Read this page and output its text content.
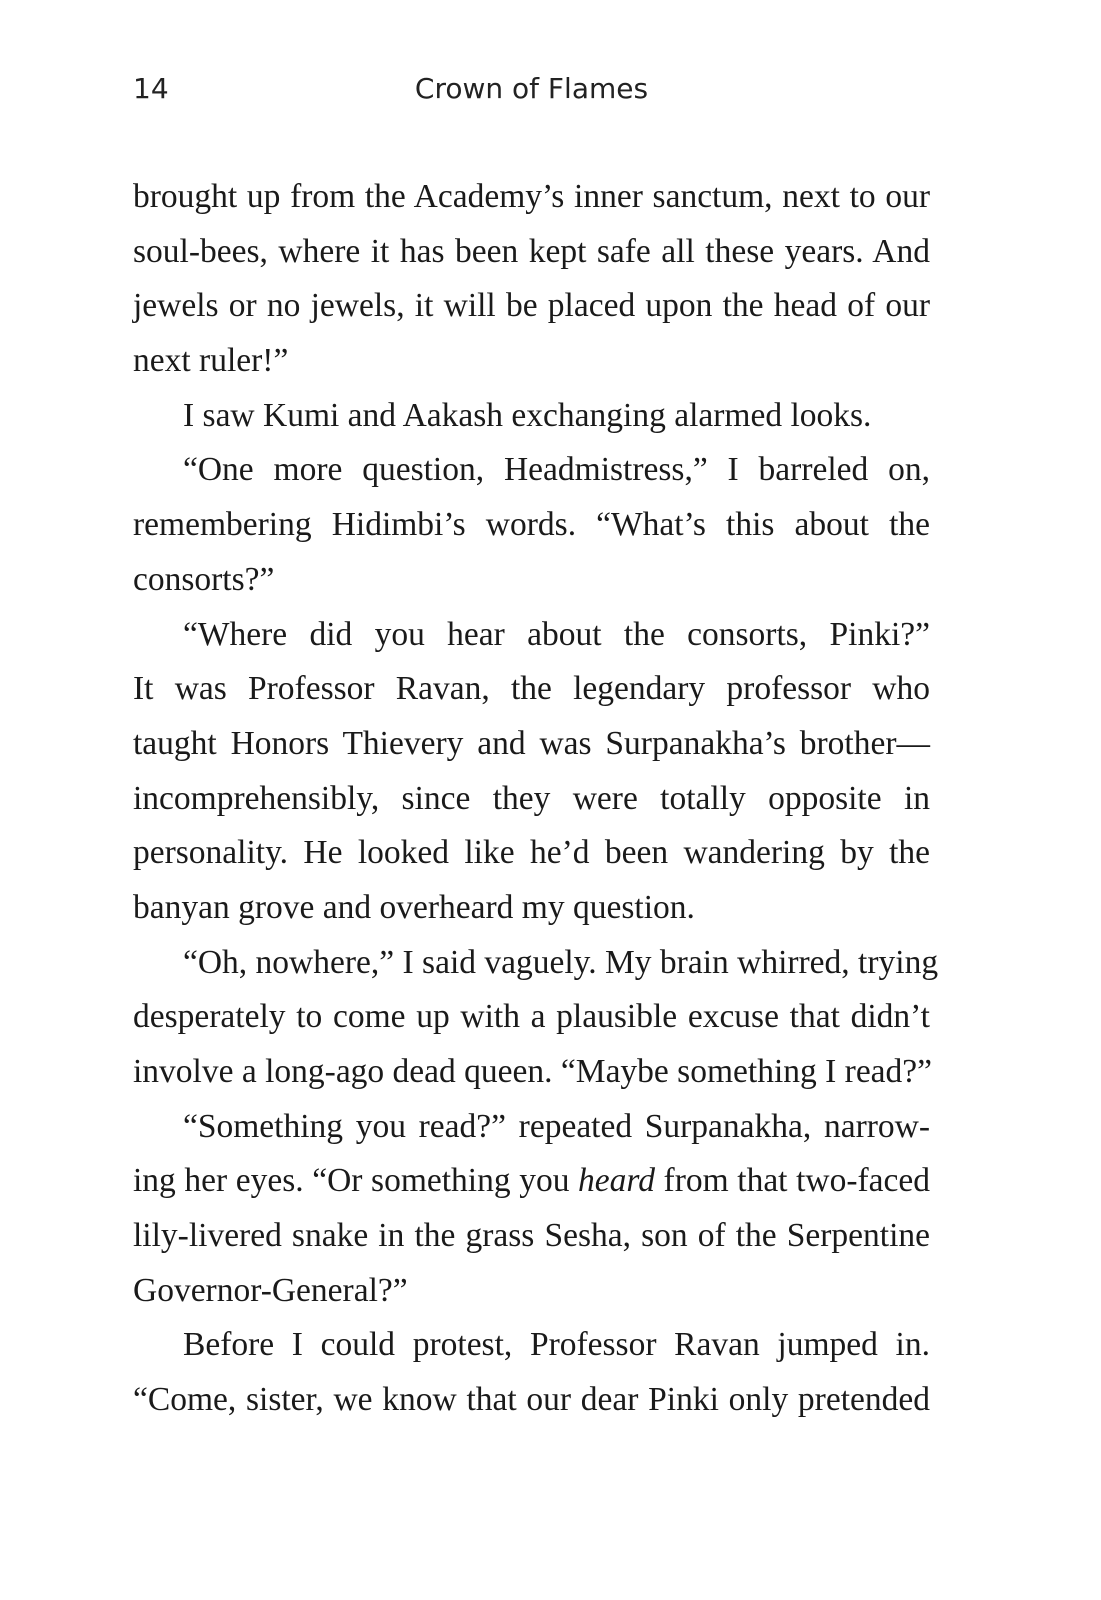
14	Crown of Flames
brought up from the Academy’s inner sanctum, next to our
soul-bees, where it has been kept safe all these years. And
jewels or no jewels, it will be placed upon the head of our
next ruler!”
I saw Kumi and Aakash exchanging alarmed looks.
“One more question, Headmistress,” I barreled on,
remembering Hidimbi’s words. “What’s this about the
consorts?”
“Where did you hear about the consorts, Pinki?”
It was Professor Ravan, the legendary professor who
taught Honors Thievery and was Surpanakha’s brother—
incomprehensibly, since they were totally opposite in
personality. He looked like he’d been wandering by the
banyan grove and overheard my question.
“Oh, nowhere,” I said vaguely. My brain whirred, trying
desperately to come up with a plausible excuse that didn’t
involve a long-ago dead queen. “Maybe something I read?”
“Something you read?” repeated Surpanakha, narrow-
ing her eyes. “Or something you heard from that two-faced
lily-livered snake in the grass Sesha, son of the Serpentine
Governor-General?”
Before I could protest, Professor Ravan jumped in.
“Come, sister, we know that our dear Pinki only pretended
